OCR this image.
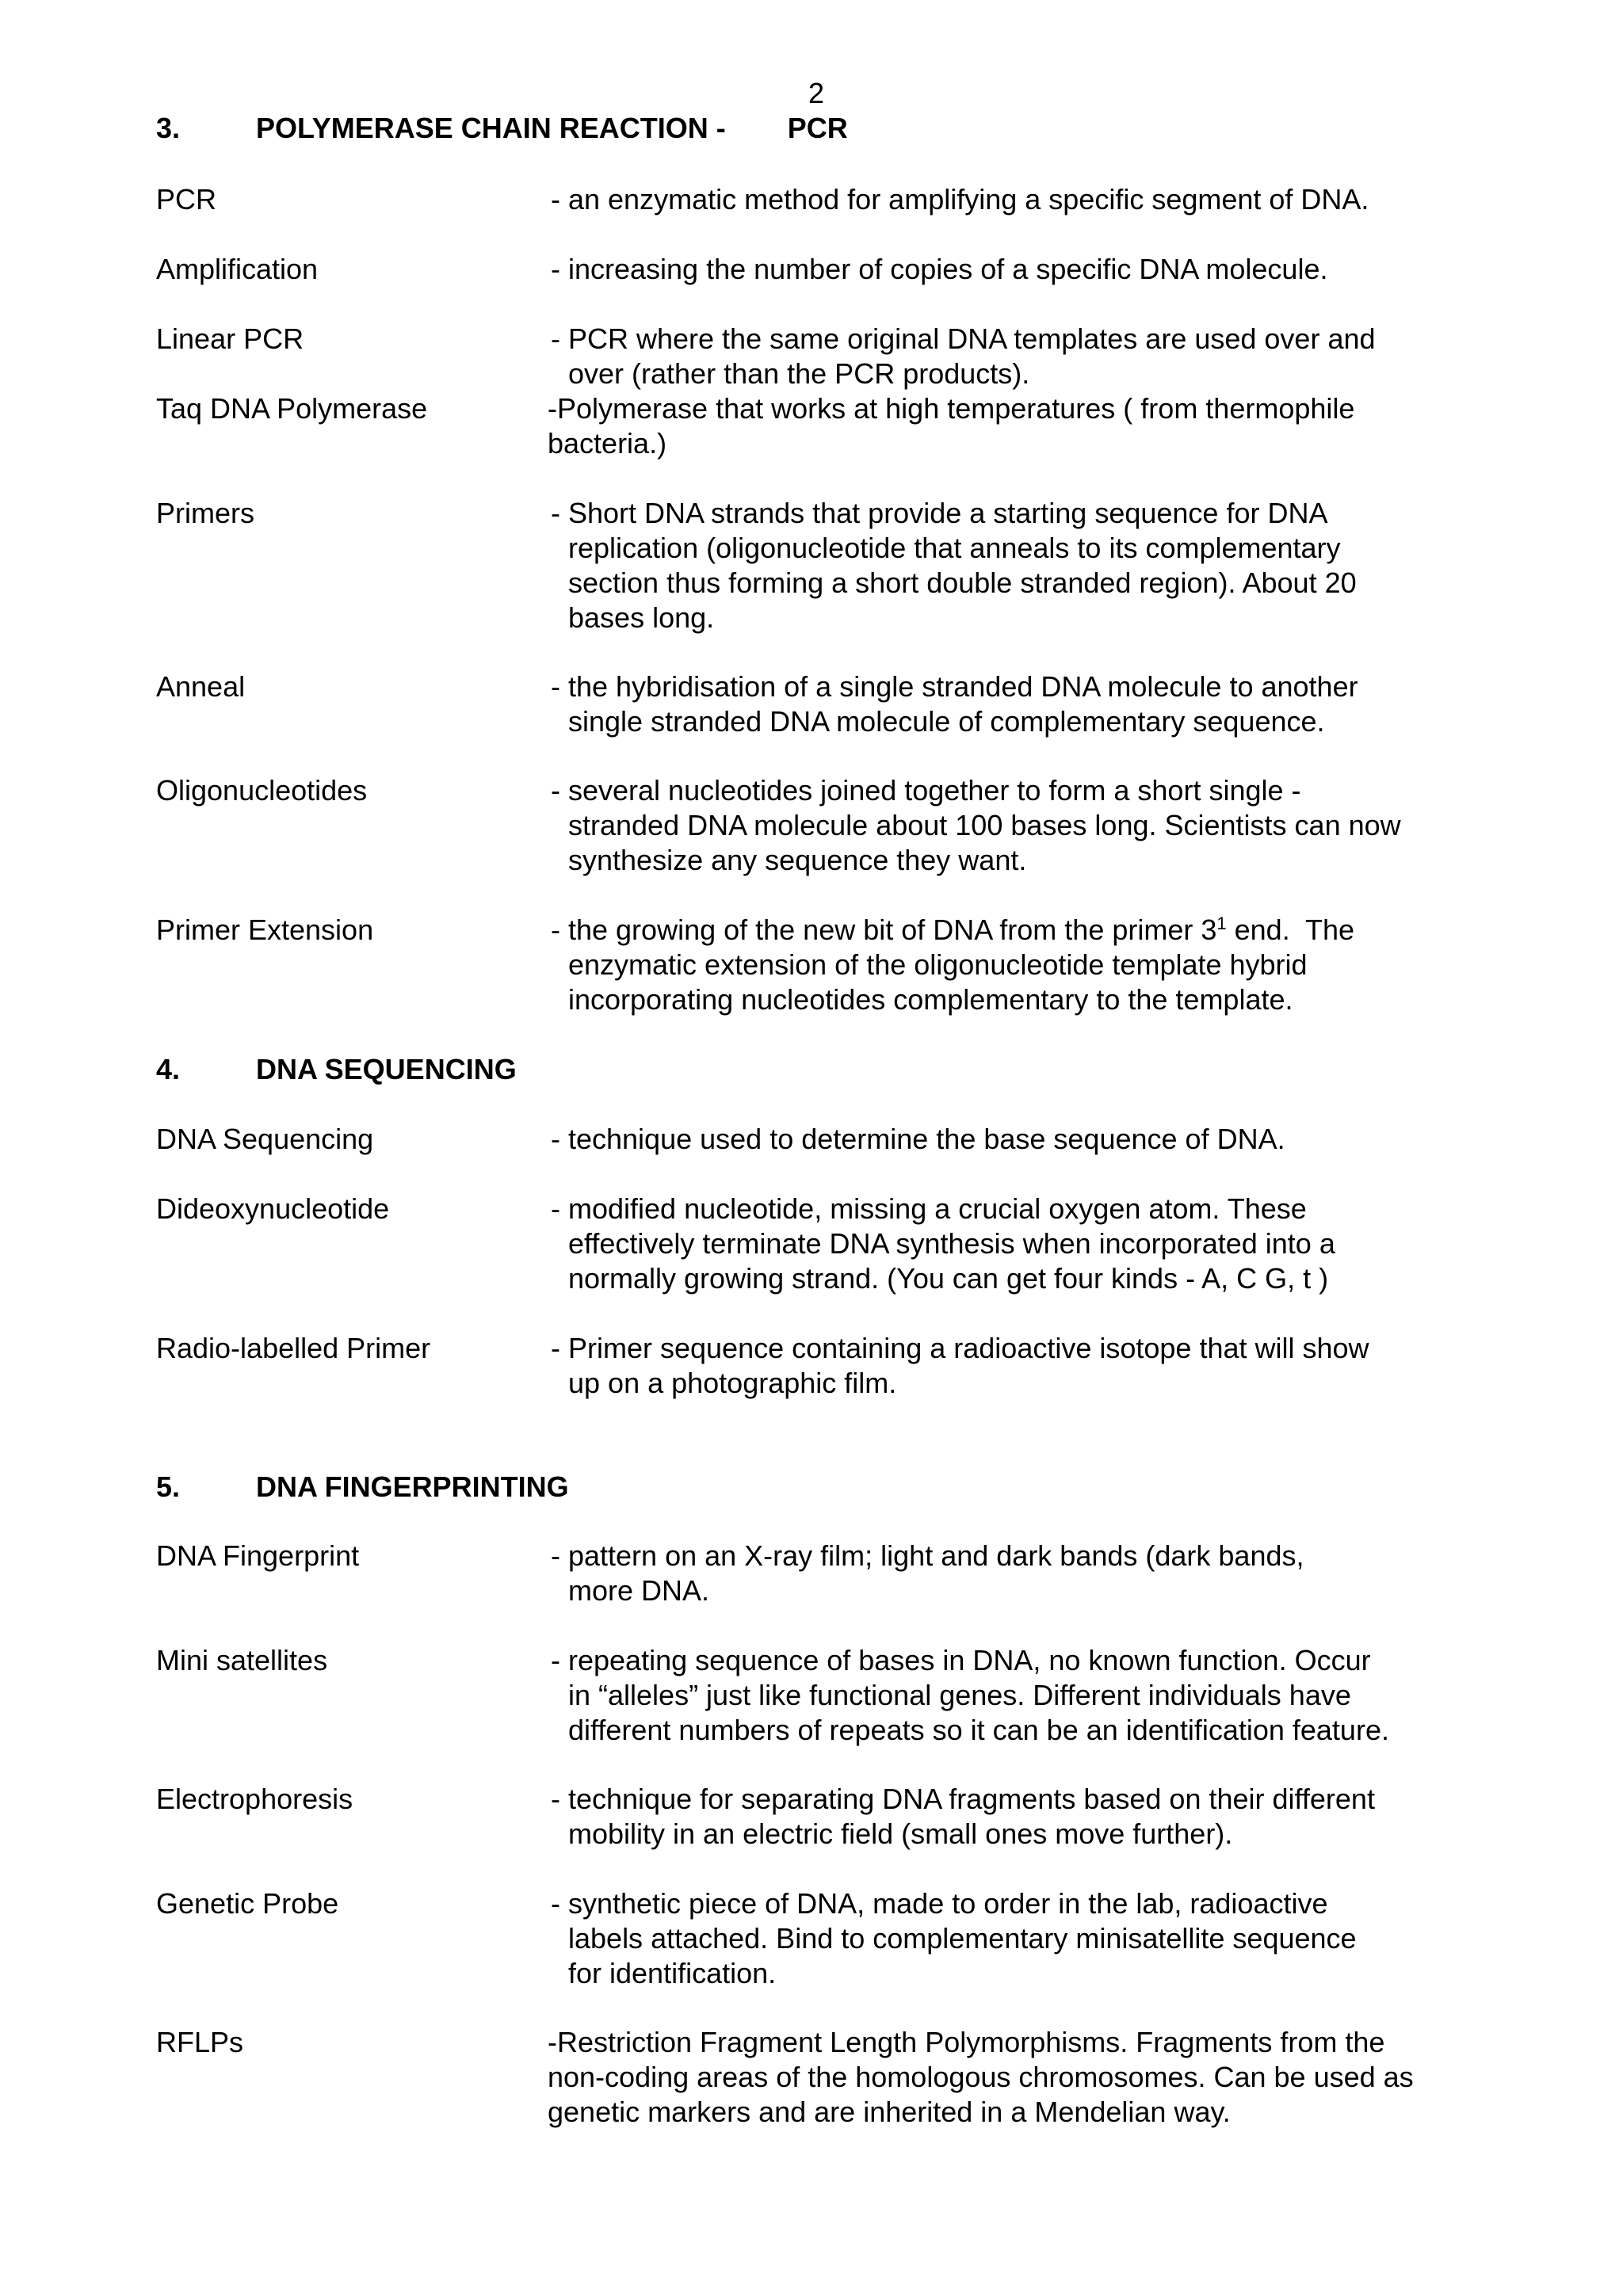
2
3.	POLYMERASE CHAIN REACTION - PCR
PCR	- an enzymatic method for amplifying a specific segment of DNA.
Amplification	- increasing the number of copies of a specific DNA molecule.
Linear PCR	- PCR where the same original DNA templates are used over and
over (rather than the PCR products).
Taq DNA Polymerase	-Polymerase that works at high temperatures ( from thermophile
bacteria.)
Primers	- Short DNA strands that provide a starting sequence for DNA
replication (oligonucleotide that anneals to its complementary
section thus forming a short double stranded region). About 20
bases long.
Anneal	- the hybridisation of a single stranded DNA molecule to another
single stranded DNA molecule of complementary sequence.
Oligonucleotides	- several nucleotides joined together to form a short single -
stranded DNA molecule about 100 bases long. Scientists can now
synthesize any sequence they want.
Primer Extension	- the growing of the new bit of DNA from the primer $3^1$ end.  The
enzymatic extension of the oligonucleotide template hybrid
incorporating nucleotides complementary to the template.
4.	DNA SEQUENCING
DNA Sequencing	- technique used to determine the base sequence of DNA.
Dideoxynucleotide	- modified nucleotide, missing a crucial oxygen atom. These
effectively terminate DNA synthesis when incorporated into a
normally growing strand. (You can get four kinds - A, C G, t )
Radio-labelled Primer	- Primer sequence containing a radioactive isotope that will show
up on a photographic film.
5.	DNA FINGERPRINTING
DNA Fingerprint	- pattern on an X-ray film; light and dark bands (dark bands,
more DNA.
Mini satellites	- repeating sequence of bases in DNA, no known function. Occur
in “alleles” just like functional genes. Different individuals have
different numbers of repeats so it can be an identification feature.
Electrophoresis	- technique for separating DNA fragments based on their different
mobility in an electric field (small ones move further).
Genetic Probe	- synthetic piece of DNA, made to order in the lab, radioactive
labels attached. Bind to complementary minisatellite sequence
for identification.
RFLPs	-Restriction Fragment Length Polymorphisms. Fragments from the
non-coding areas of the homologous chromosomes. Can be used as
genetic markers and are inherited in a Mendelian way.
